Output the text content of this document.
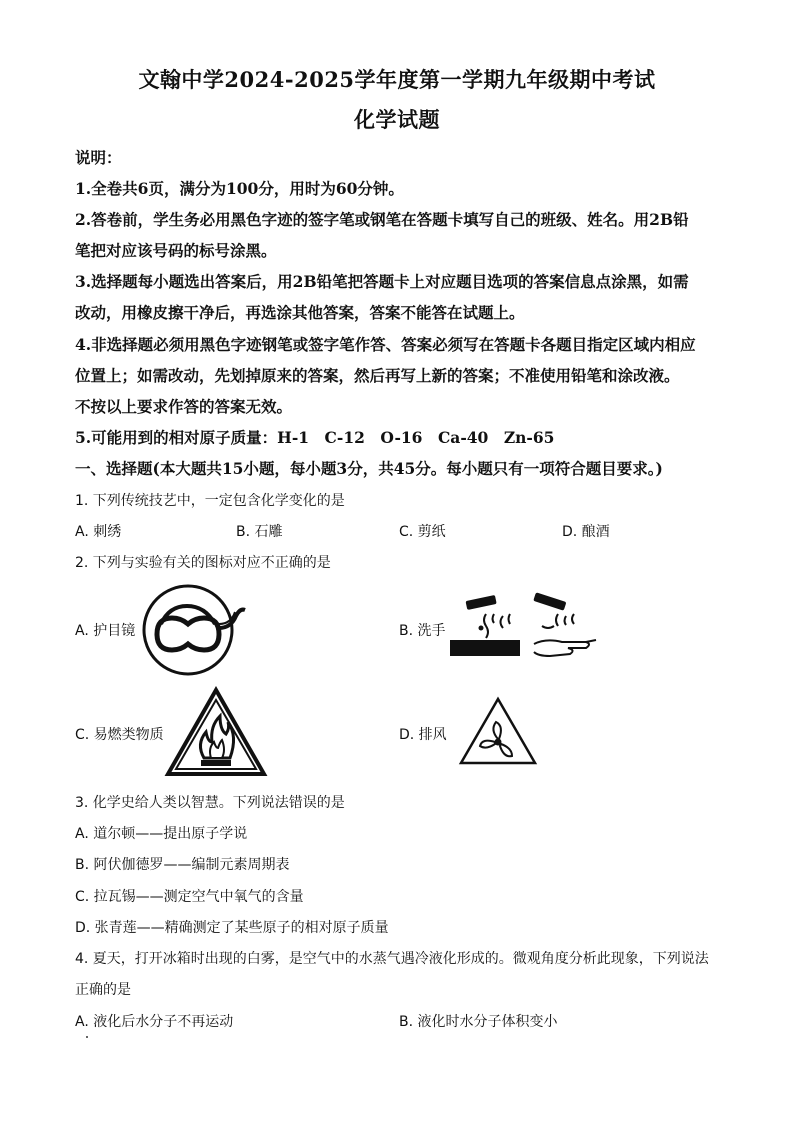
文翰中学2024-2025学年度第一学期九年级期中考试
化学试题
说明：
1.全卷共6页，满分为100分，用时为60分钟。
2.答卷前，学生务必用黑色字迹的签字笔或钢笔在答题卡填写自己的班级、姓名。用2B铅
笔把对应该号码的标号涂黑。
3.选择题每小题选出答案后，用2B铅笔把答题卡上对应题目选项的答案信息点涂黑，如需
改动，用橡皮擦干净后，再选涂其他答案，答案不能答在试题上。
4.非选择题必须用黑色字迹钢笔或签字笔作答、答案必须写在答题卡各题目指定区域内相应
位置上；如需改动，先划掉原来的答案，然后再写上新的答案；不准使用铅笔和涂改液。
不按以上要求作答的答案无效。
5.可能用到的相对原子质量：H-1　C-12　O-16　Ca-40　Zn-65
一、选择题(本大题共15小题，每小题3分，共45分。每小题只有一项符合题目要求。)
1. 下列传统技艺中，一定包含化学变化的是
A. 刺绣	B. 石雕	C. 剪纸	D. 酿酒
2. 下列与实验有关的图标对应不正确的是
A. 护目镜	B. 洗手
C. 易燃类物质	D. 排风
3. 化学史给人类以智慧。下列说法错误的是
A. 道尔顿——提出原子学说
B. 阿伏伽德罗——编制元素周期表
C. 拉瓦锡——测定空气中氧气的含量
D. 张青莲——精确测定了某些原子的相对原子质量
4. 夏天，打开冰箱时出现的白雾，是空气中的水蒸气遇冷液化形成的。微观角度分析此现象，下列说法
正确的是
A. 液化后水分子不再运动	B. 液化时水分子体积变小
